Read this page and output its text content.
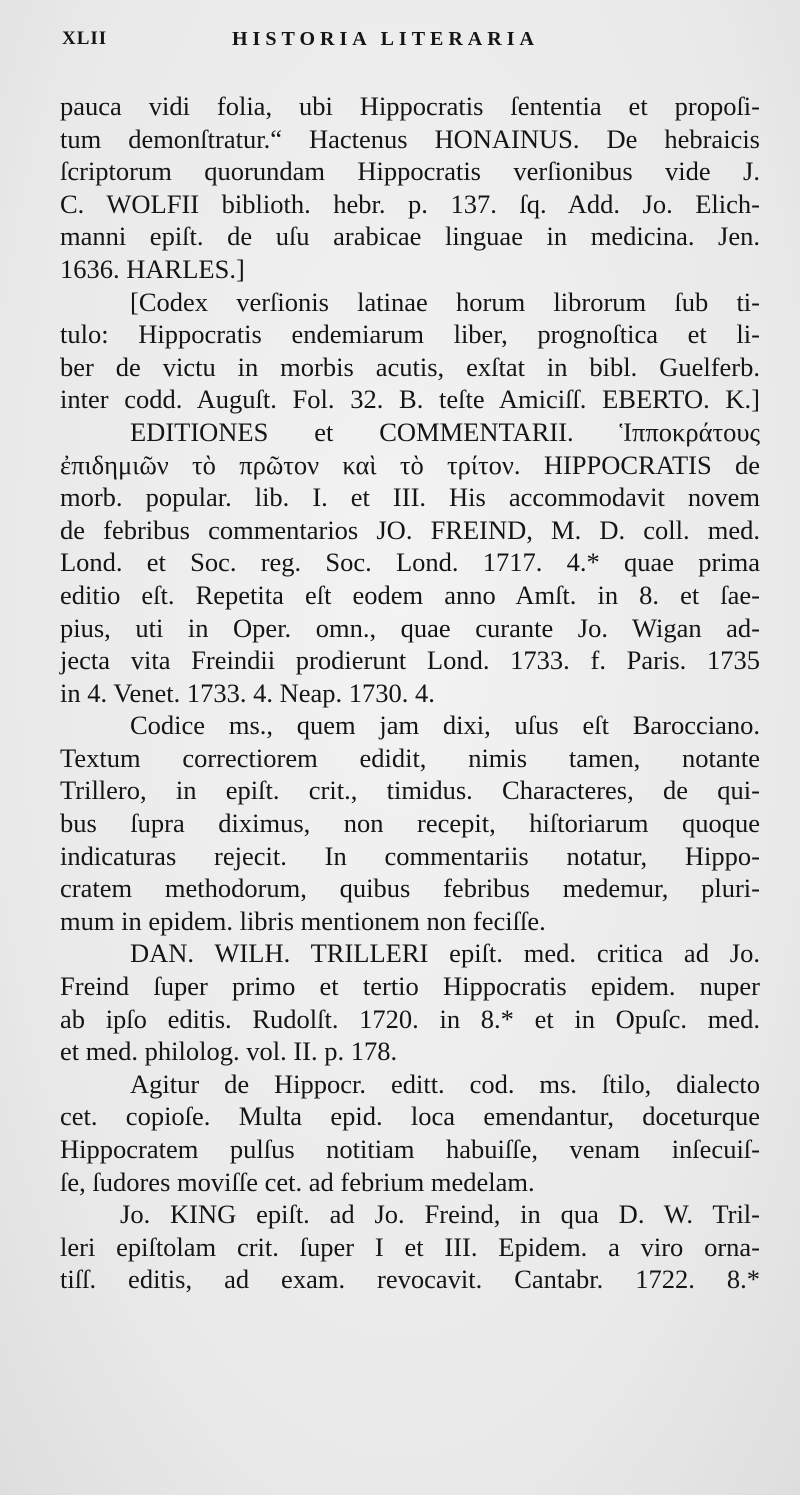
XLII	HISTORIA LITERARIA
pauca vidi folia, ubi Hippocratis ſententia et propoſi-
tum demonſtratur.“ Hactenus HONAINUS. De hebraicis
ſcriptorum quorundam Hippocratis verſionibus vide J.
C. WOLFII biblioth. hebr. p. 137. ſq. Add. Jo. Elich-
manni epiſt. de uſu arabicae linguae in medicina. Jen.
1636. HARLES.]
[Codex verſionis latinae horum librorum ſub ti-
tulo: Hippocratis endemiarum liber, prognoſtica et li-
ber de victu in morbis acutis, exſtat in bibl. Guelferb.
inter codd. Auguſt. Fol. 32. B. teſte Amiciſſ. EBERTO. K.]
EDITIONES et COMMENTARII. Ἱπποκράτους
ἐπιδημιῶν τὸ πρῶτον καὶ τὸ τρίτον. HIPPOCRATIS de
morb. popular. lib. I. et III. His accommodavit novem
de febribus commentarios JO. FREIND, M. D. coll. med.
Lond. et Soc. reg. Soc. Lond. 1717. 4.* quae prima
editio eſt. Repetita eſt eodem anno Amſt. in 8. et ſae-
pius, uti in Oper. omn., quae curante Jo. Wigan ad-
jecta vita Freindii prodierunt Lond. 1733. f. Paris. 1735
in 4. Venet. 1733. 4. Neap. 1730. 4.
Codice ms., quem jam dixi, uſus eſt Barocciano.
Textum correctiorem edidit, nimis tamen, notante
Trillero, in epiſt. crit., timidus. Characteres, de qui-
bus ſupra diximus, non recepit, hiſtoriarum quoque
indicaturas rejecit. In commentariis notatur, Hippo-
cratem methodorum, quibus febribus medemur, pluri-
mum in epidem. libris mentionem non feciſſe.
DAN. WILH. TRILLERI epiſt. med. critica ad Jo.
Freind ſuper primo et tertio Hippocratis epidem. nuper
ab ipſo editis. Rudolſt. 1720. in 8.* et in Opuſc. med.
et med. philolog. vol. II. p. 178.
Agitur de Hippocr. editt. cod. ms. ſtilo, dialecto
cet. copioſe. Multa epid. loca emendantur, doceturque
Hippocratem pulſus notitiam habuiſſe, venam inſecuiſ-
ſe, ſudores moviſſe cet. ad febrium medelam.
Jo. KING epiſt. ad Jo. Freind, in qua D. W. Tril-
leri epiſtolam crit. ſuper I et III. Epidem. a viro orna-
tiſſ. editis, ad exam. revocavit. Cantabr. 1722. 8.*
